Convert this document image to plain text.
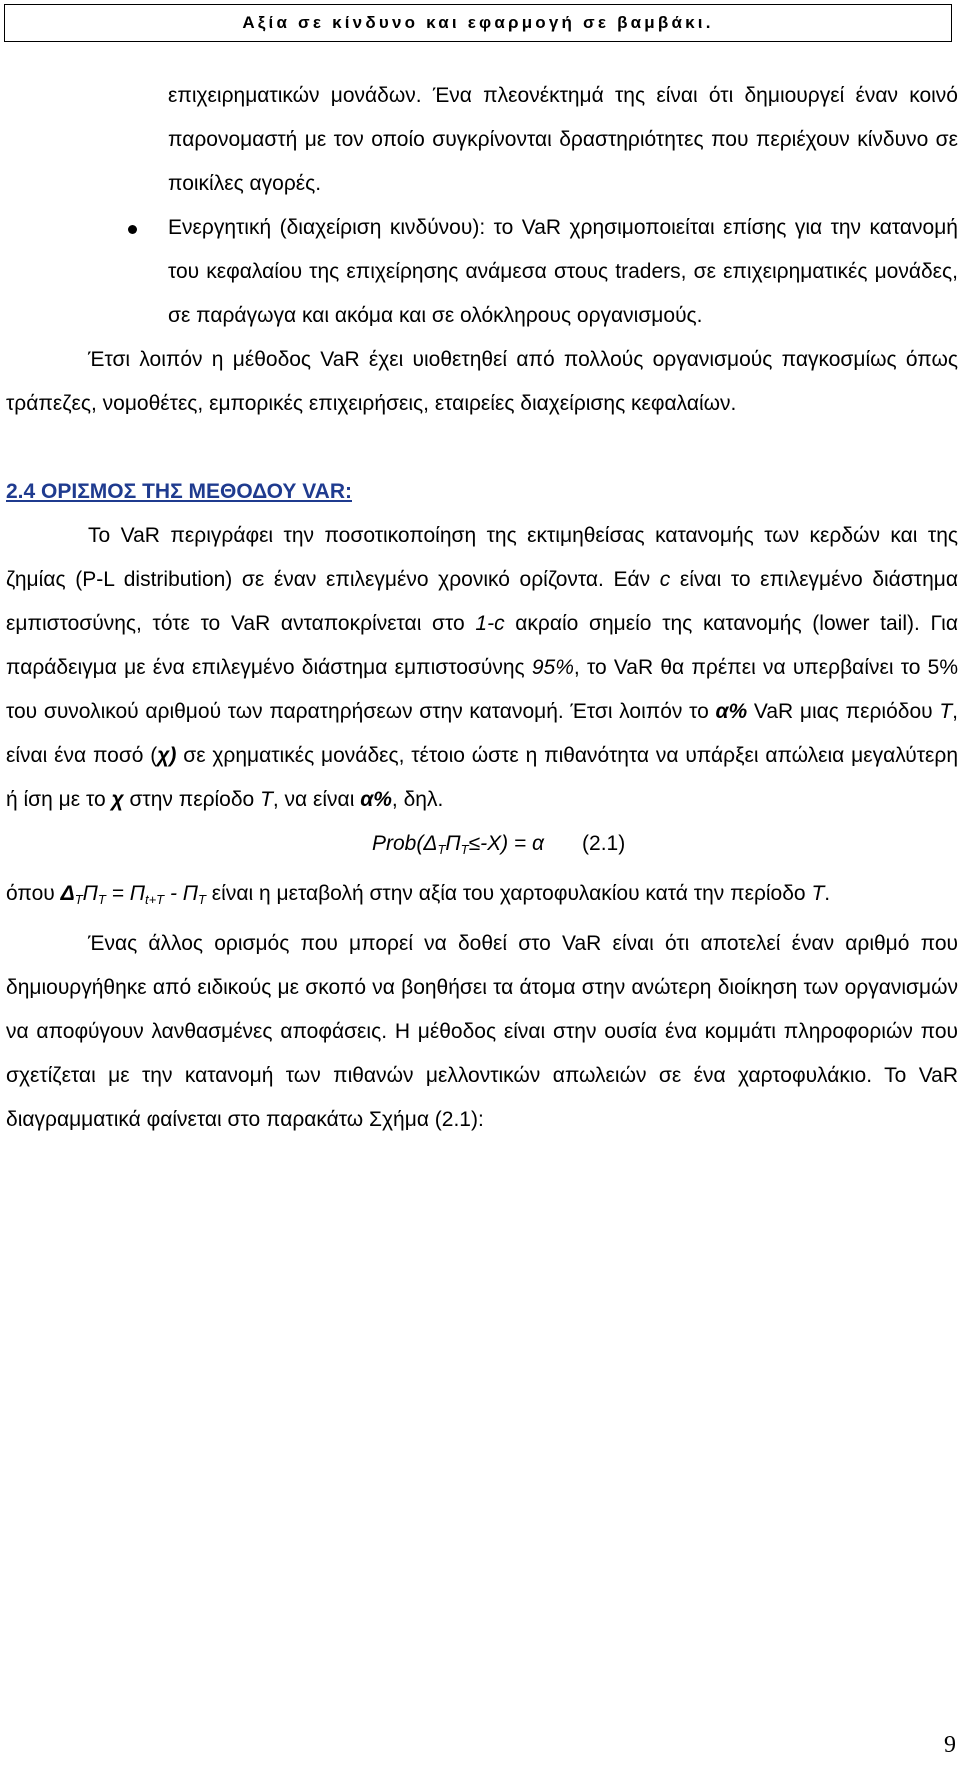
Αξία σε κίνδυνο και εφαρμογή σε βαμβάκι.

επιχειρηματικών μονάδων. Ένα πλεονέκτημά της είναι ότι δημιουργεί έναν κοινό παρονομαστή με τον οποίο συγκρίνονται δραστηριότητες που περιέχουν κίνδυνο σε ποικίλες αγορές.

Ενεργητική (διαχείριση κινδύνου): το VaR χρησιμοποιείται επίσης για την κατανομή του κεφαλαίου της επιχείρησης ανάμεσα στους traders, σε επιχειρηματικές μονάδες, σε παράγωγα και ακόμα και σε ολόκληρους οργανισμούς.

Έτσι λοιπόν η μέθοδος VaR έχει υιοθετηθεί από πολλούς οργανισμούς παγκοσμίως όπως τράπεζες, νομοθέτες, εμπορικές επιχειρήσεις, εταιρείες διαχείρισης κεφαλαίων.

2.4 ΟΡΙΣΜΟΣ ΤΗΣ ΜΕΘΟΔΟΥ VAR:

Το VaR περιγράφει την ποσοτικοποίηση της εκτιμηθείσας κατανομής των κερδών και της ζημίας (P-L distribution) σε έναν επιλεγμένο χρονικό ορίζοντα. Εάν c είναι το επιλεγμένο διάστημα εμπιστοσύνης, τότε το VaR ανταποκρίνεται στο 1-c ακραίο σημείο της κατανομής (lower tail). Για παράδειγμα με ένα επιλεγμένο διάστημα εμπιστοσύνης 95%, το VaR θα πρέπει να υπερβαίνει το 5% του συνολικού αριθμού των παρατηρήσεων στην κατανομή. Έτσι λοιπόν το α% VaR μιας περιόδου T, είναι ένα ποσό (χ) σε χρηματικές μονάδες, τέτοιο ώστε η πιθανότητα να υπάρξει απώλεια μεγαλύτερη ή ίση με το χ στην περίοδο T, να είναι α%, δηλ.

$Prob(\Delta_T\Pi_T\le-X) = \alpha$ (2.1)

όπου $\Delta_T\Pi_T = \Pi_{t+T} - \Pi_T$ είναι η μεταβολή στην αξία του χαρτοφυλακίου κατά την περίοδο T.

Ένας άλλος ορισμός που μπορεί να δοθεί στο VaR είναι ότι αποτελεί έναν αριθμό που δημιουργήθηκε από ειδικούς με σκοπό να βοηθήσει τα άτομα στην ανώτερη διοίκηση των οργανισμών να αποφύγουν λανθασμένες αποφάσεις. Η μέθοδος είναι στην ουσία ένα κομμάτι πληροφοριών που σχετίζεται με την κατανομή των πιθανών μελλοντικών απωλειών σε ένα χαρτοφυλάκιο. Το VaR διαγραμματικά φαίνεται στο παρακάτω Σχήμα (2.1):

9
